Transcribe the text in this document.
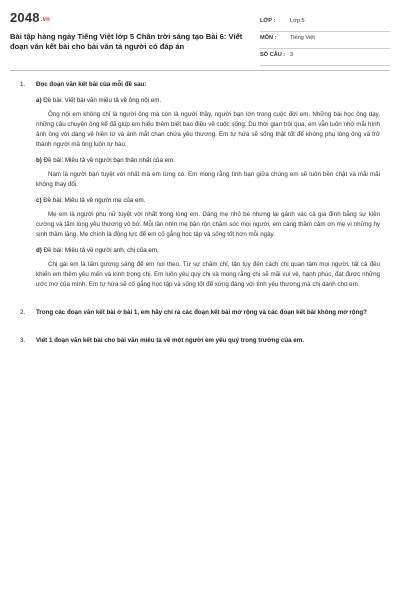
2048.vn
Bài tập hàng ngày Tiếng Việt lớp 5 Chân trời sáng tạo Bài 6: Viết đoạn văn kết bài cho bài văn tả người có đáp án
LỚP :	Lớp 5
MÔN :	Tiếng Việt
SỐ CÂU : 3
1. Đọc đoạn văn kết bài của mỗi đề sau:
a) Đề bài: Viết bài văn miêu tả về ông nội em.
Ông nội em không chỉ là người ông mà còn là người thầy, người bạn lớn trong cuộc đời em. Những bài học ông dạy, những câu chuyện ông kể đã giúp em hiểu thêm biết bao điều về cuộc sống. Dù thời gian trôi qua, em vẫn luôn nhớ mãi hình ảnh ông với dáng vẻ hiền từ và ánh mắt chan chứa yêu thương. Em tự hứa sẽ sống thật tốt để không phụ lòng ông và trở thành người mà ông luôn tự hào.
b) Đề bài: Miêu tả về người bạn thân nhất của em.
Nam là người bạn tuyệt vời nhất mà em từng có. Em mong rằng tình bạn giữa chúng em sẽ luôn bền chặt và mãi mãi không thay đổi.
c) Đề bài: Miêu tả về người mẹ của em.
Mẹ em là người phụ nữ tuyệt vời nhất trong lòng em. Dáng mẹ nhỏ bé nhưng lại gánh vác cả gia đình bằng sự kiên cường và tấm lòng yêu thương vô bờ. Mỗi lần nhìn mẹ bận rộn chăm sóc mọi người, em càng thầm cảm ơn mẹ vì những hy sinh thầm lặng. Mẹ chính là động lực để em cố gắng học tập và sống tốt hơn mỗi ngày.
d) Đề bài: Miêu tả về người anh, chị của em.
Chị gái em là tấm gương sáng để em noi theo. Từ sự chăm chỉ, tận tụy đến cách chị quan tâm mọi người, tất cả đều khiến em thêm yêu mến và kính trọng chị. Em luôn yêu quý chị và mong rằng chị sẽ mãi vui vẻ, hạnh phúc, đạt được những ước mơ của mình. Em tự hứa sẽ cố gắng học tập và sống tốt để xứng đáng với tình yêu thương mà chị dành cho em.
2. Trong các đoạn văn kết bài ở bài 1, em hãy chỉ ra các đoạn kết bài mở rộng và các đoạn kết bài không mở rộng?
3. Viết 1 đoạn văn kết bài cho bài văn miêu tả về một người em yêu quý trong trường của em.
